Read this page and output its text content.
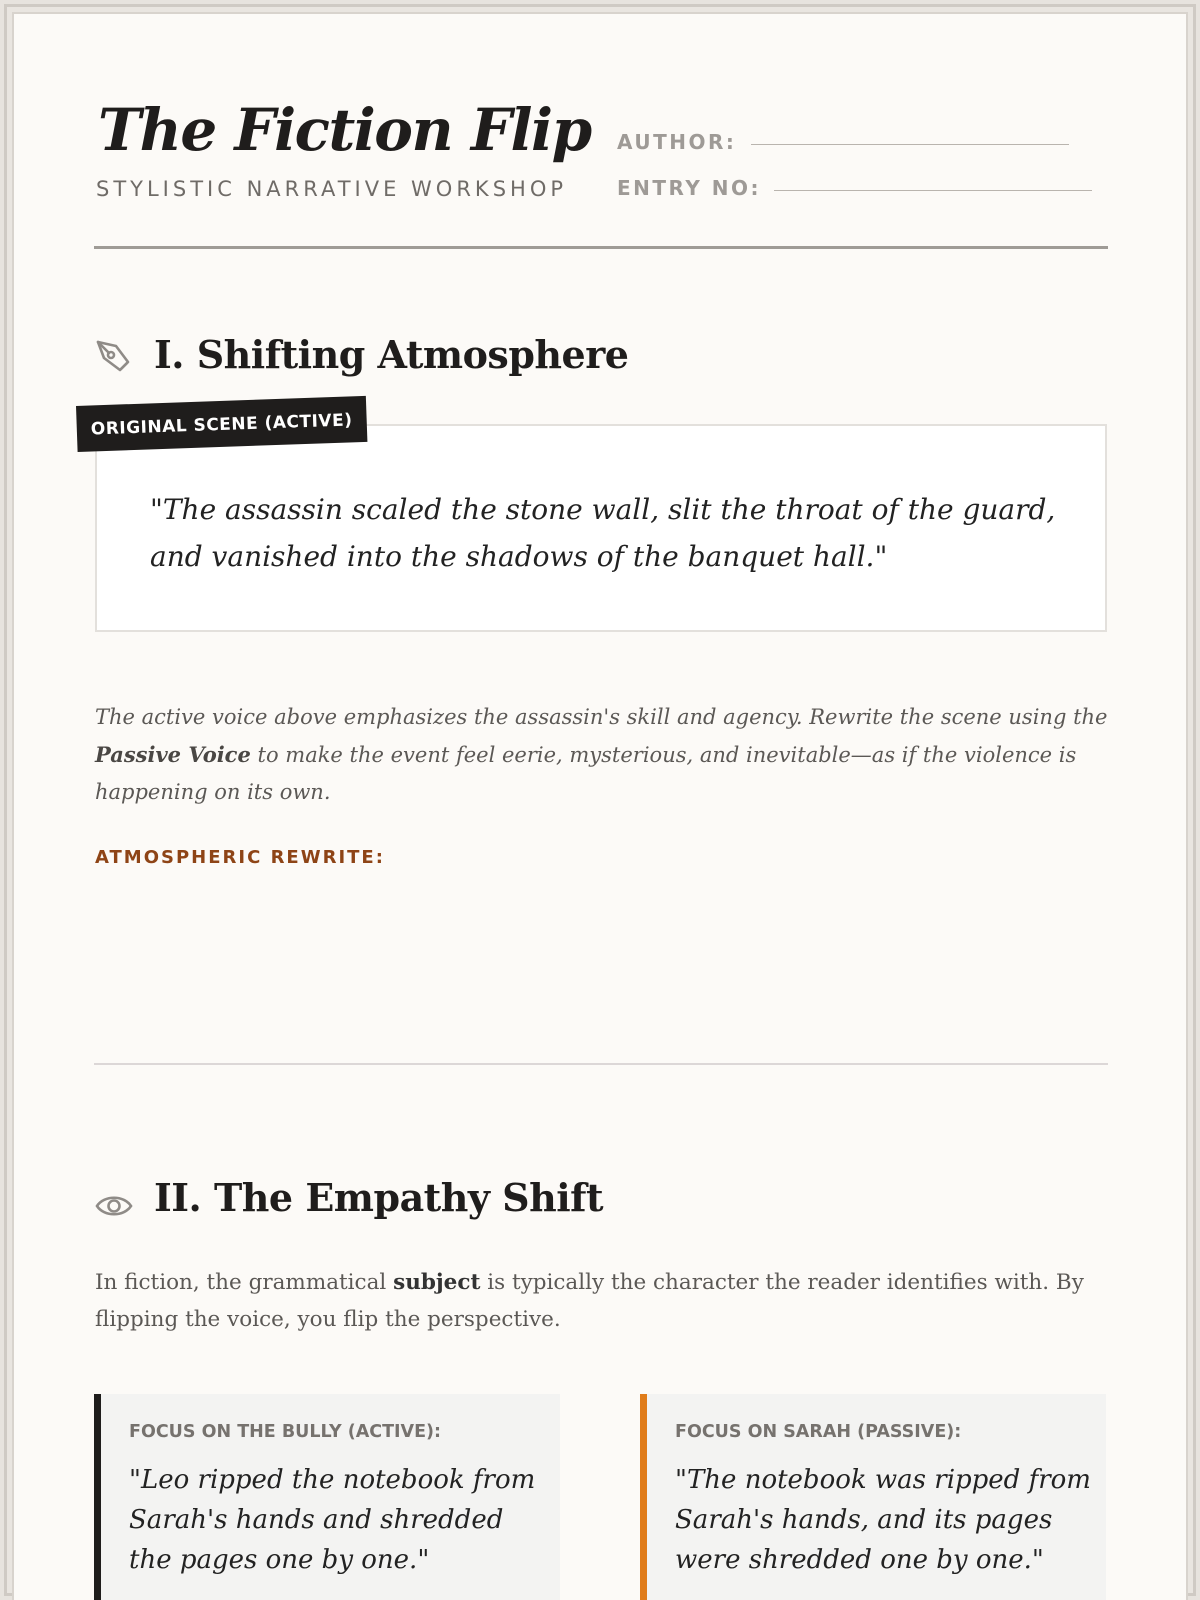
The Fiction Flip
STYLISTIC NARRATIVE WORKSHOP
AUTHOR:
ENTRY NO:
I. Shifting Atmosphere
ORIGINAL SCENE (ACTIVE)
"The assassin scaled the stone wall, slit the throat of the guard, and vanished into the shadows of the banquet hall."
The active voice above emphasizes the assassin's skill and agency. Rewrite the scene using the Passive Voice to make the event feel eerie, mysterious, and inevitable—as if the violence is happening on its own.
ATMOSPHERIC REWRITE:
II. The Empathy Shift
In fiction, the grammatical subject is typically the character the reader identifies with. By flipping the voice, you flip the perspective.
FOCUS ON THE BULLY (ACTIVE):
"Leo ripped the notebook from Sarah's hands and shredded the pages one by one."
FOCUS ON SARAH (PASSIVE):
"The notebook was ripped from Sarah's hands, and its pages were shredded one by one."
